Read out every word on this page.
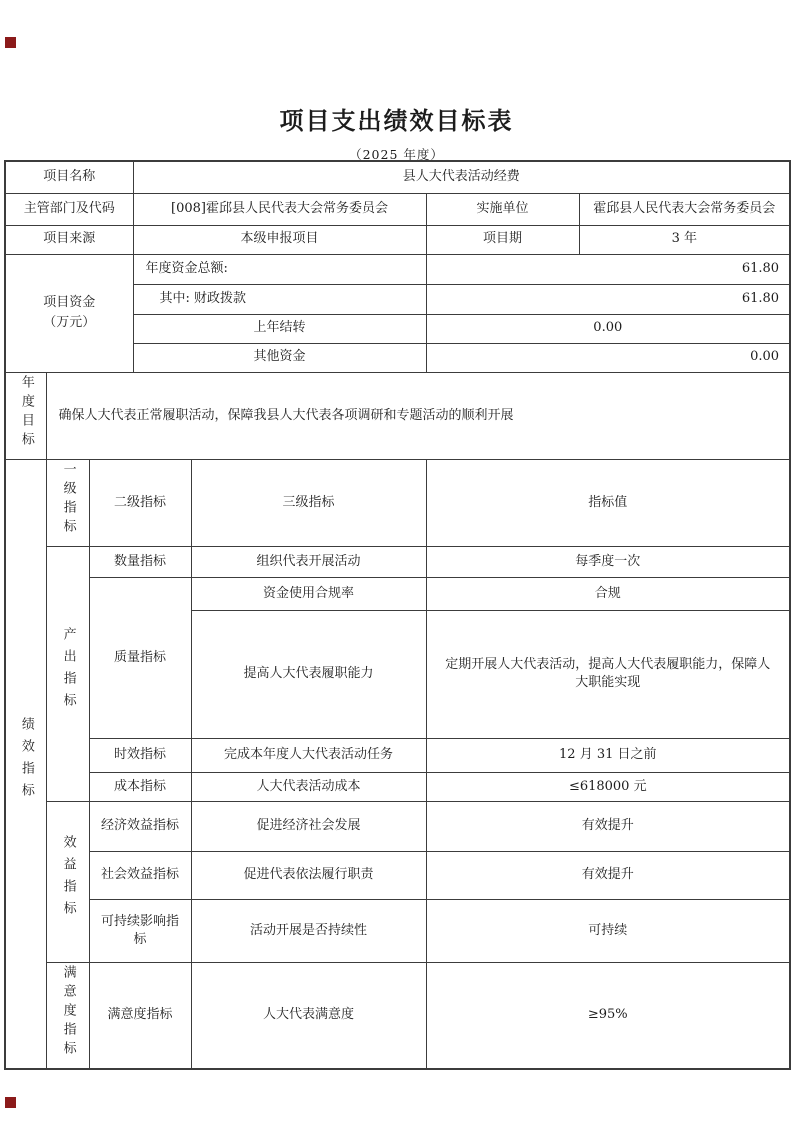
项目支出绩效目标表
（2025 年度）
项目名称			县人大代表活动经费			
主管部门及代码			[008]霍邱县人民代表大会常务委员会		实施单位	霍邱县人民代表大会常务委员会
项目来源			本级申报项目		项目期	3 年

项目资金
（万元）			年度资金总额:		61.80	
			其中: 财政拨款		61.80	
			上年结转		0.00	
			其他资金		0.00	
年度目标	确保人大代表正常履职活动，保障我县人大代表各项调研和专题活动的顺利开展					
绩效指标	一级指标	二级指标		三级指标	指标值	
	产出指标	数量指标		组织代表开展活动	每季度一次	
		质量指标		资金使用合规率	合规	
				提高人大代表履职能力	定期开展人大代表活动，提高人大代表履职能力，保障人大职能实现	
		时效指标		完成本年度人大代表活动任务	12 月 31 日之前	
		成本指标		人大代表活动成本	≤618000 元	
	效益指标	经济效益指标		促进经济社会发展	有效提升	
		社会效益指标		促进代表依法履行职责	有效提升	
		可持续影响指标		活动开展是否持续性	可持续	
	满意度指标	满意度指标		人大代表满意度	≥95%	
